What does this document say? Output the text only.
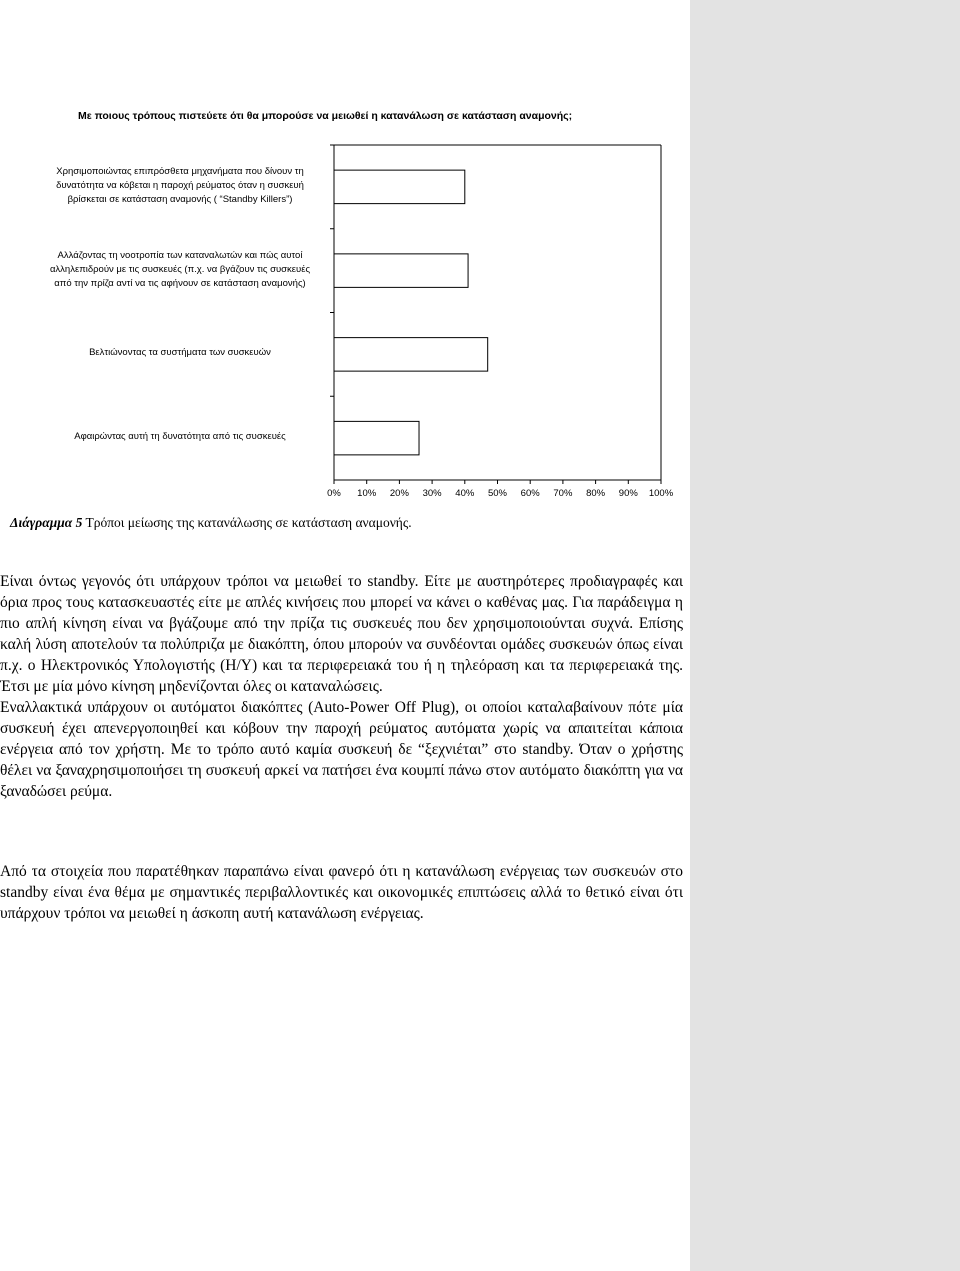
Με ποιους τρόπους πιστεύετε ότι θα μπορούσε να μειωθεί η κατανάλωση σε κατάσταση αναμονής;
Χρησιμοποιώντας επιπρόσθετα μηχανήματα που δίνουν τη
δυνατότητα να κόβεται η παροχή ρεύματος όταν η συσκευή
βρίσκεται σε κατάσταση αναμονής ( “Standby Killers”)
Αλλάζοντας τη νοοτροπία των καταναλωτών και πώς αυτοί
αλληλεπιδρούν με τις συσκευές (π.χ. να βγάζουν τις συσκευές
από την πρίζα αντί να τις αφήνουν σε κατάσταση αναμονής)
Βελτιώνοντας τα συστήματα των συσκευών
Αφαιρώντας αυτή τη δυνατότητα από τις συσκευές
0% 10% 20% 30% 40% 50% 60% 70% 80% 90% 100%
Διάγραμμα 5 Τρόποι μείωσης της κατανάλωσης σε κατάσταση αναμονής.

Είναι όντως γεγονός ότι υπάρχουν τρόποι να μειωθεί το standby. Είτε με αυστηρότερες προδιαγραφές και όρια προς τους κατασκευαστές είτε με απλές κινήσεις που μπορεί να κάνει ο καθένας μας. Για παράδειγμα η πιο απλή κίνηση είναι να βγάζουμε από την πρίζα τις συσκευές που δεν χρησιμοποιούνται συχνά. Επίσης καλή λύση αποτελούν τα πολύπριζα με διακόπτη, όπου μπορούν να συνδέονται ομάδες συσκευών όπως είναι π.χ. ο Ηλεκτρονικός Υπολογιστής (Η/Υ) και τα περιφερειακά του ή η τηλεόραση και τα περιφερειακά της. Έτσι με μία μόνο κίνηση μηδενίζονται όλες οι καταναλώσεις.

Εναλλακτικά υπάρχουν οι αυτόματοι διακόπτες (Auto-Power Off Plug), οι οποίοι καταλαβαίνουν πότε μία συσκευή έχει απενεργοποιηθεί και κόβουν την παροχή ρεύματος αυτόματα χωρίς να απαιτείται κάποια ενέργεια από τον χρήστη. Με το τρόπο αυτό καμία συσκευή δε “ξεχνιέται” στο standby. Όταν ο χρήστης θέλει να ξαναχρησιμοποιήσει τη συσκευή αρκεί να πατήσει ένα κουμπί πάνω στον αυτόματο διακόπτη για να ξαναδώσει ρεύμα.

Από τα στοιχεία που παρατέθηκαν παραπάνω είναι φανερό ότι η κατανάλωση ενέργειας των συσκευών στο standby είναι ένα θέμα με σημαντικές περιβαλλοντικές και οικονομικές επιπτώσεις αλλά το θετικό είναι ότι υπάρχουν τρόποι να μειωθεί η άσκοπη αυτή κατανάλωση ενέργειας.
